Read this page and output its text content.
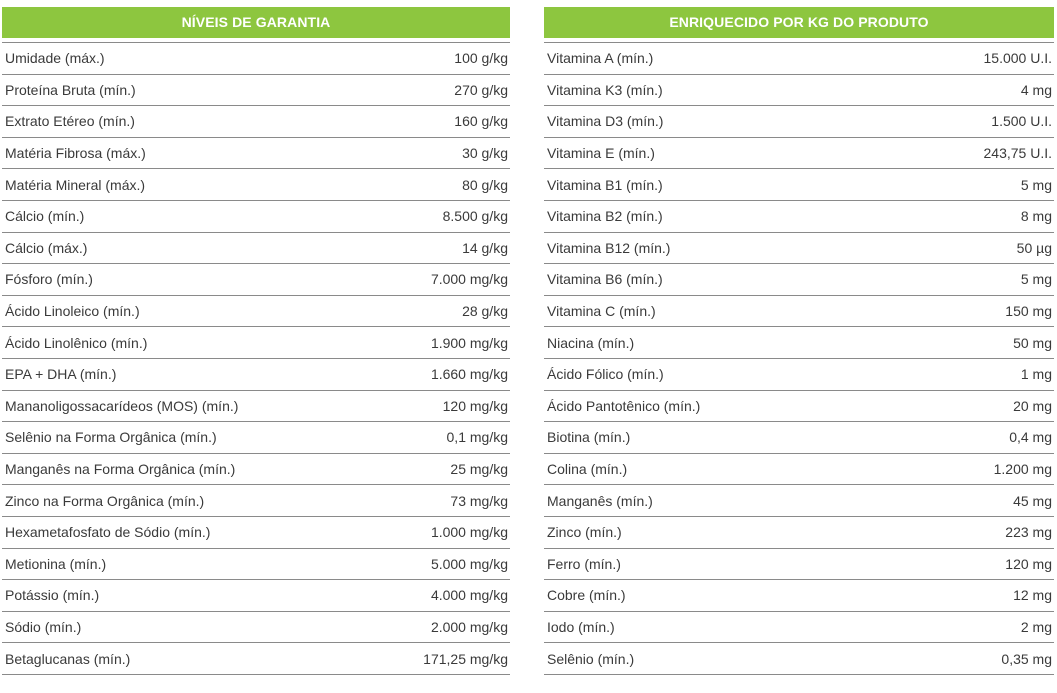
NÍVEIS DE GARANTIA
Umidade (máx.)	100 g/kg
Proteína Bruta (mín.)	270 g/kg
Extrato Etéreo (mín.)	160 g/kg
Matéria Fibrosa (máx.)	30 g/kg
Matéria Mineral (máx.)	80 g/kg
Cálcio (mín.)	8.500 g/kg
Cálcio (máx.)	14 g/kg
Fósforo (mín.)	7.000 mg/kg
Ácido Linoleico (mín.)	28 g/kg
Ácido Linolênico (mín.)	1.900 mg/kg
EPA + DHA (mín.)	1.660 mg/kg
Mananoligossacarídeos (MOS) (mín.)	120 mg/kg
Selênio na Forma Orgânica (mín.)	0,1 mg/kg
Manganês na Forma Orgânica (mín.)	25 mg/kg
Zinco na Forma Orgânica (mín.)	73 mg/kg
Hexametafosfato de Sódio (mín.)	1.000 mg/kg
Metionina (mín.)	5.000 mg/kg
Potássio (mín.)	4.000 mg/kg
Sódio (mín.)	2.000 mg/kg
Betaglucanas (mín.)	171,25 mg/kg
ENRIQUECIDO POR KG DO PRODUTO
Vitamina A (mín.)	15.000 U.I.
Vitamina K3 (mín.)	4 mg
Vitamina D3 (mín.)	1.500 U.I.
Vitamina E (mín.)	243,75 U.I.
Vitamina B1 (mín.)	5 mg
Vitamina B2 (mín.)	8 mg
Vitamina B12 (mín.)	50 µg
Vitamina B6 (mín.)	5 mg
Vitamina C (mín.)	150 mg
Niacina (mín.)	50 mg
Ácido Fólico (mín.)	1 mg
Ácido Pantotênico (mín.)	20 mg
Biotina (mín.)	0,4 mg
Colina (mín.)	1.200 mg
Manganês (mín.)	45 mg
Zinco (mín.)	223 mg
Ferro (mín.)	120 mg
Cobre (mín.)	12 mg
Iodo (mín.)	2 mg
Selênio (mín.)	0,35 mg
